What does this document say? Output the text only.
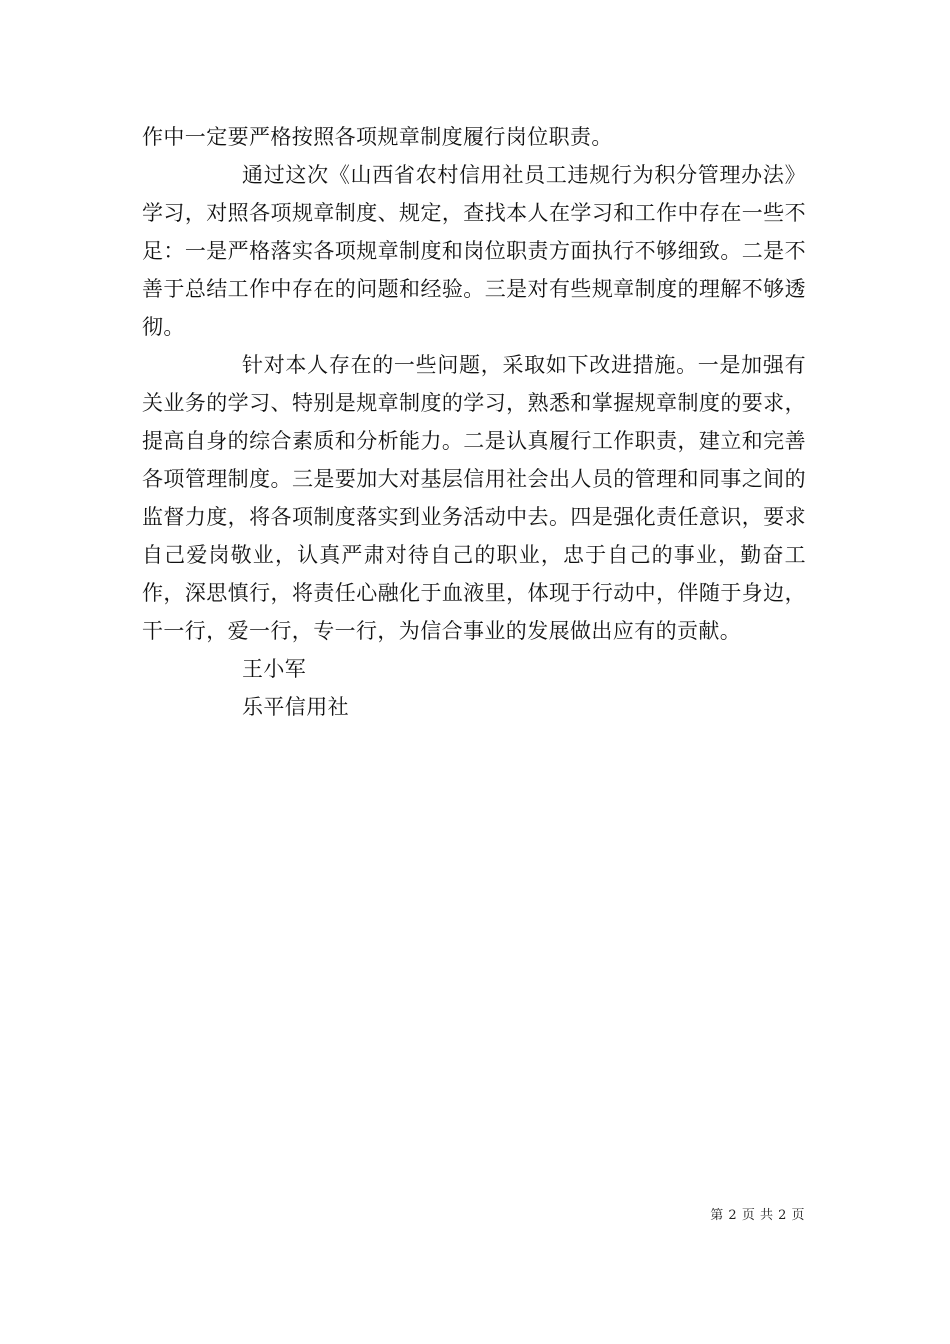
作中一定要严格按照各项规章制度履行岗位职责。

通过这次《山西省农村信用社员工违规行为积分管理办法》学习，对照各项规章制度、规定，查找本人在学习和工作中存在一些不足：一是严格落实各项规章制度和岗位职责方面执行不够细致。二是不善于总结工作中存在的问题和经验。三是对有些规章制度的理解不够透彻。

针对本人存在的一些问题，采取如下改进措施。一是加强有关业务的学习、特别是规章制度的学习，熟悉和掌握规章制度的要求，提高自身的综合素质和分析能力。二是认真履行工作职责，建立和完善各项管理制度。三是要加大对基层信用社会出人员的管理和同事之间的监督力度，将各项制度落实到业务活动中去。四是强化责任意识，要求自己爱岗敬业，认真严肃对待自己的职业，忠于自己的事业，勤奋工作，深思慎行，将责任心融化于血液里，体现于行动中，伴随于身边，干一行，爱一行，专一行，为信合事业的发展做出应有的贡献。

王小军

乐平信用社

第 2 页 共 2 页
